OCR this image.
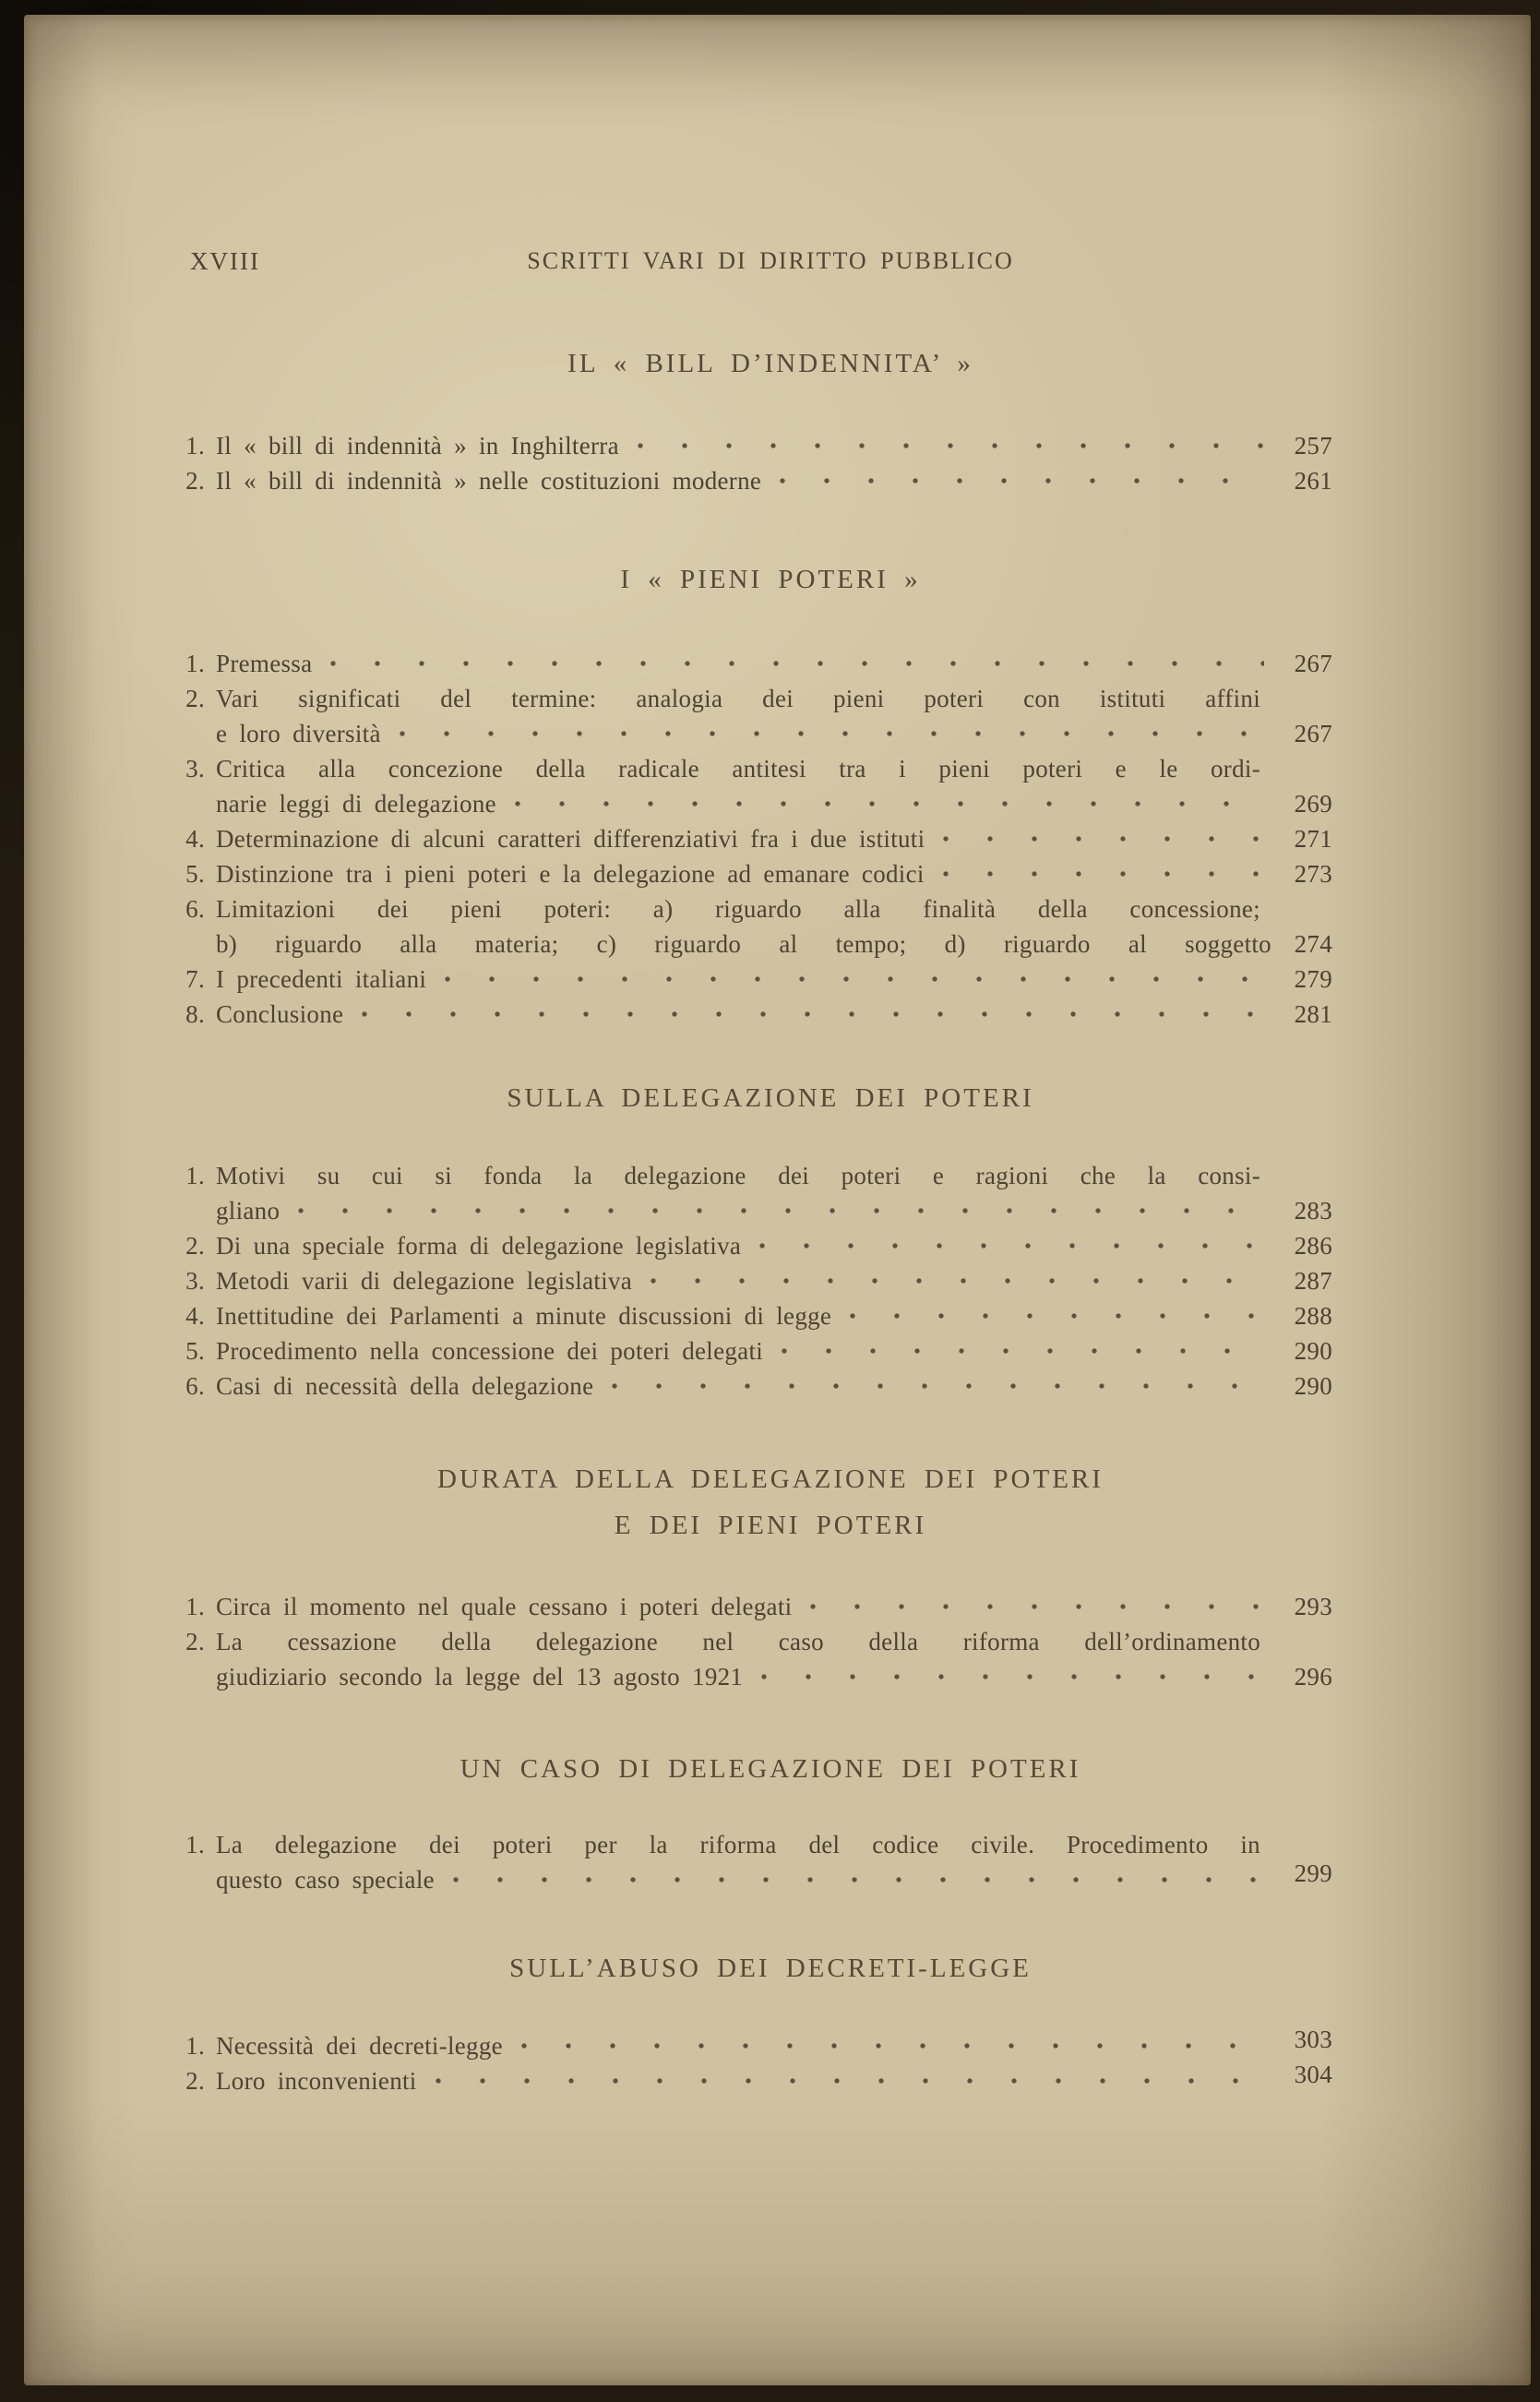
XVIII	SCRITTI VARI DI DIRITTO PUBBLICO
IL « BILL D’INDENNITA’ »
1. Il « bill di indennità » in Inghilterra	257
2. Il « bill di indennità » nelle costituzioni moderne	261
I « PIENI POTERI »
1. Premessa	267
2. Vari significati del termine: analogia dei pieni poteri con istituti affini
e loro diversità	267
3. Critica alla concezione della radicale antitesi tra i pieni poteri e le ordi-
narie leggi di delegazione	269
4. Determinazione di alcuni caratteri differenziativi fra i due istituti	271
5. Distinzione tra i pieni poteri e la delegazione ad emanare codici	273
6. Limitazioni dei pieni poteri: a) riguardo alla finalità della concessione;
b) riguardo alla materia; c) riguardo al tempo; d) riguardo al soggetto 274
7. I precedenti italiani	279
8. Conclusione	281
SULLA DELEGAZIONE DEI POTERI
1. Motivi su cui si fonda la delegazione dei poteri e ragioni che la consi-
gliano	283
2. Di una speciale forma di delegazione legislativa	286
3. Metodi varii di delegazione legislativa	287
4. Inettitudine dei Parlamenti a minute discussioni di legge	288
5. Procedimento nella concessione dei poteri delegati	290
6. Casi di necessità della delegazione	290
DURATA DELLA DELEGAZIONE DEI POTERI
E DEI PIENI POTERI
1. Circa il momento nel quale cessano i poteri delegati	293
2. La cessazione della delegazione nel caso della riforma dell’ordinamento
giudiziario secondo la legge del 13 agosto 1921	296
UN CASO DI DELEGAZIONE DEI POTERI
1. La delegazione dei poteri per la riforma del codice civile. Procedimento in
questo caso speciale	299
SULL’ABUSO DEI DECRETI-LEGGE
1. Necessità dei decreti-legge	303
2. Loro inconvenienti	304
